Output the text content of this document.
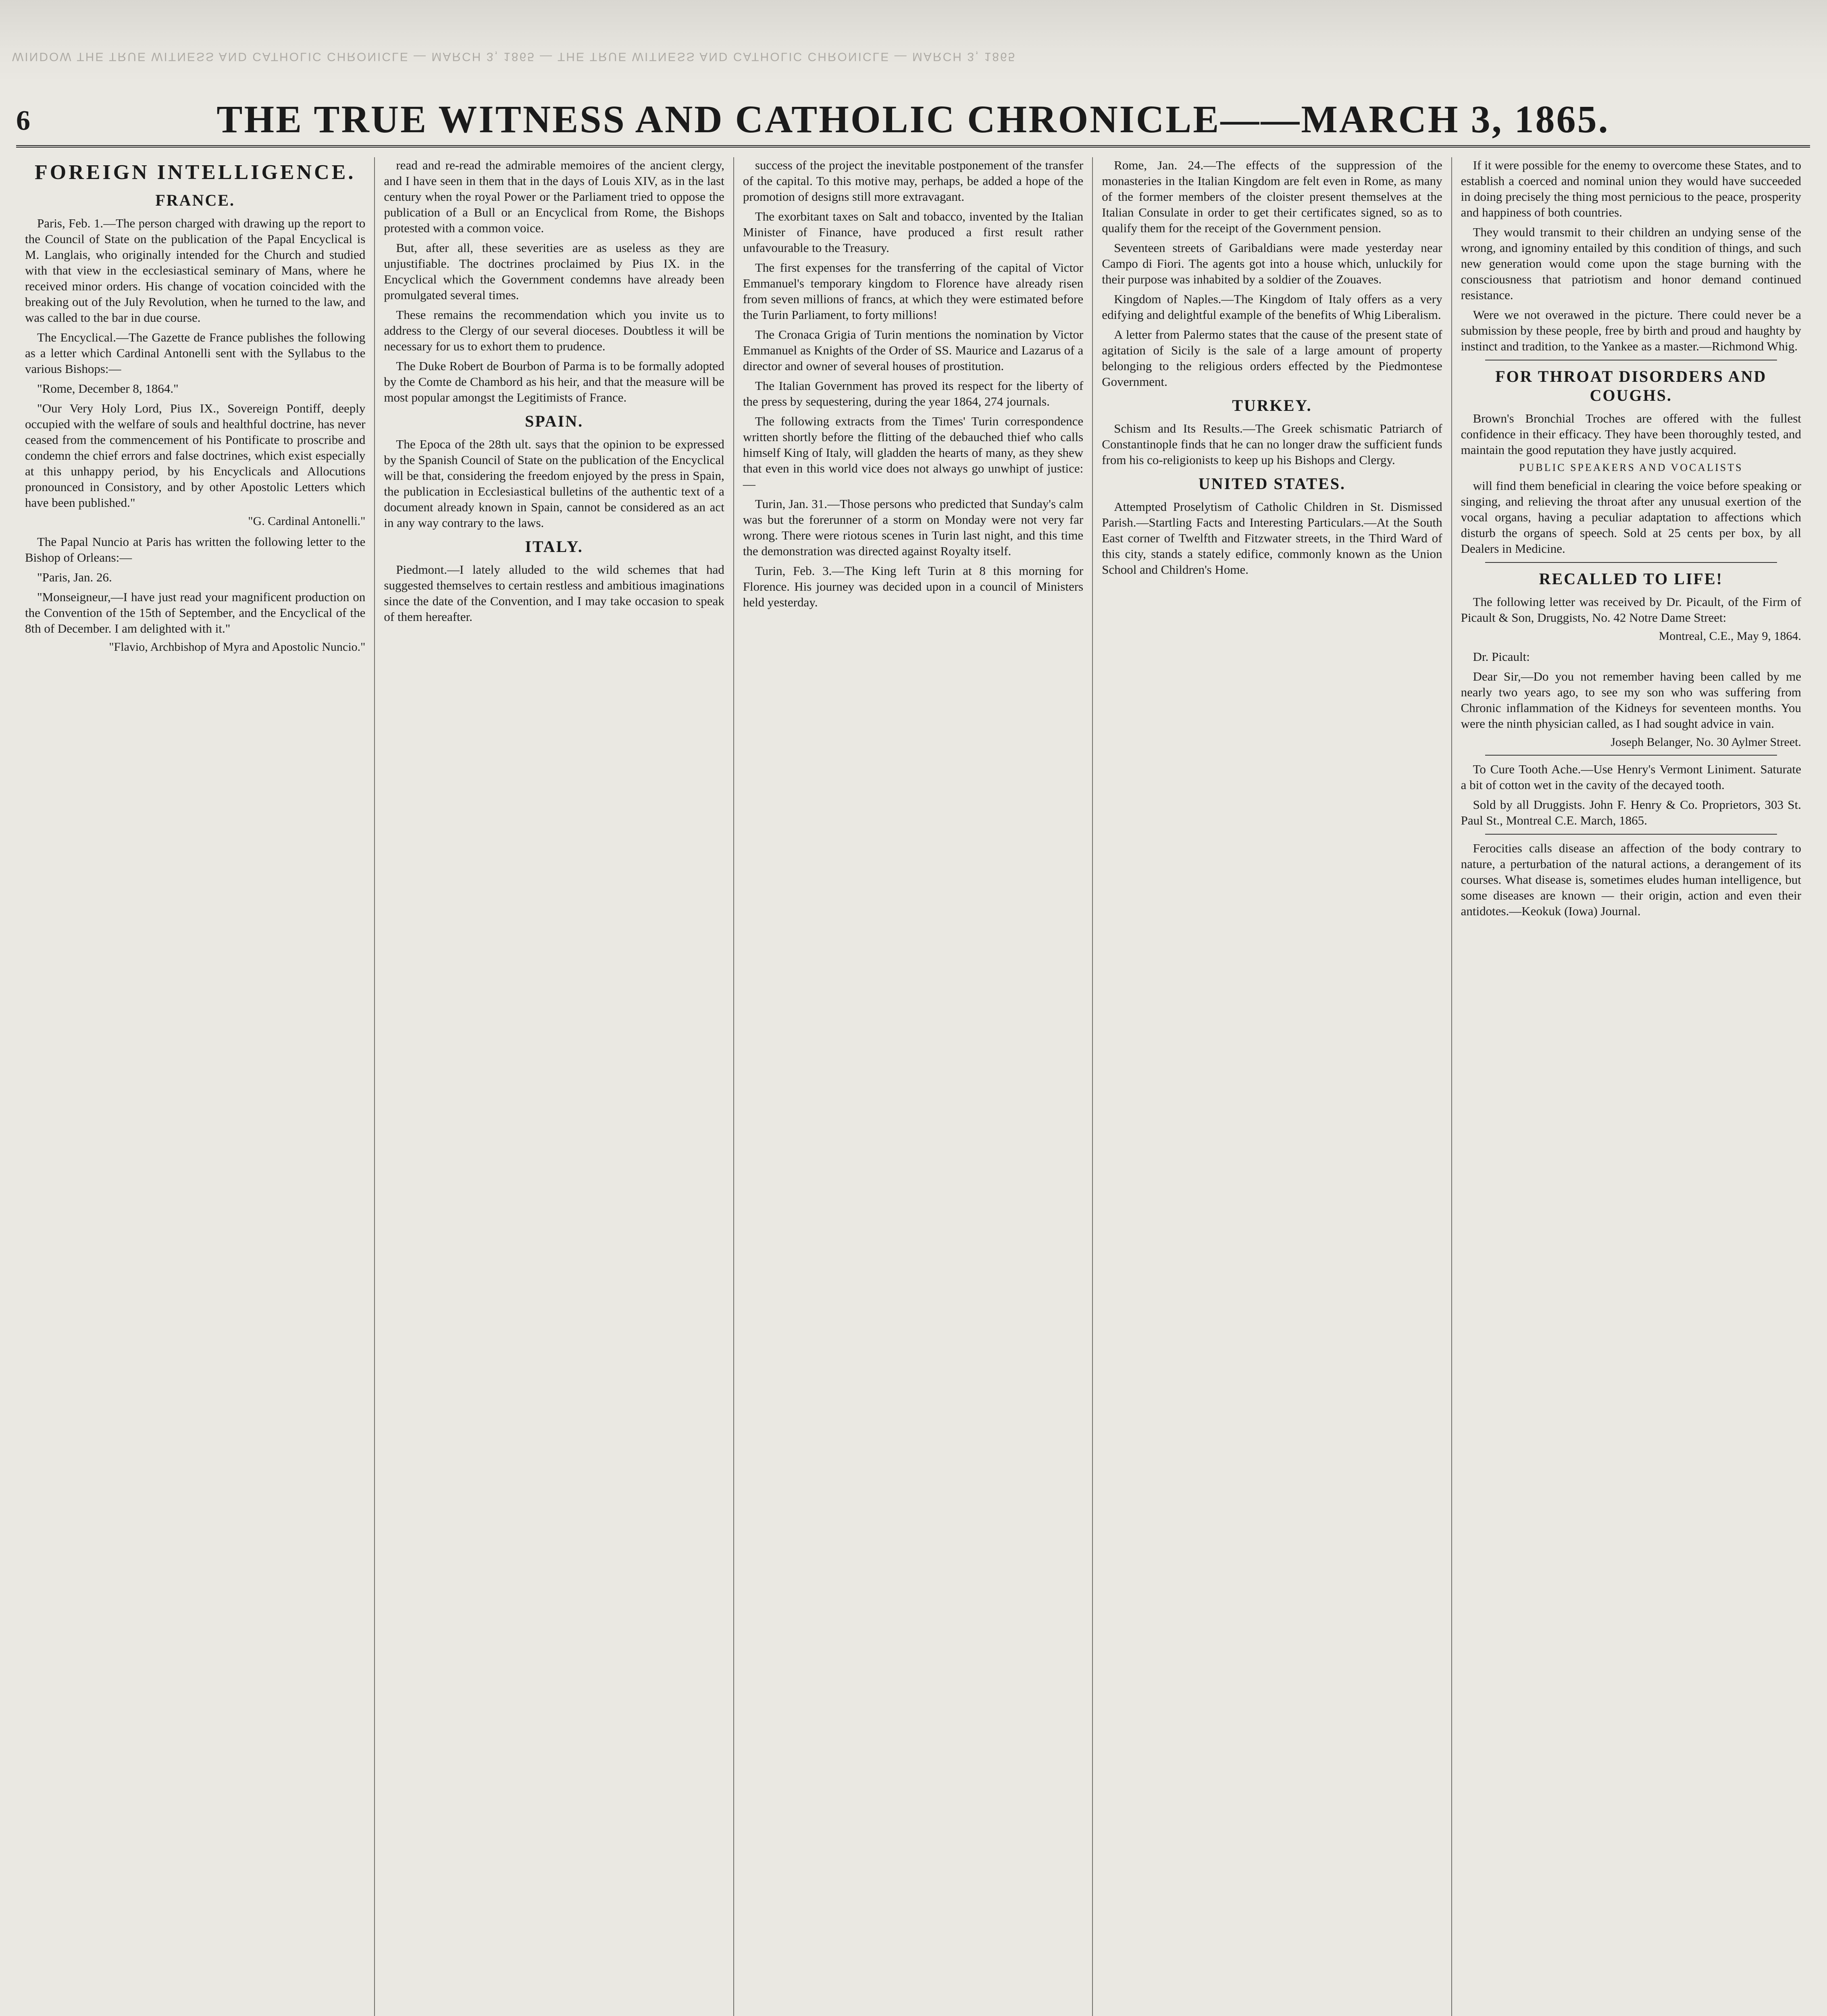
WINDOW THE TRUE WITNESS AND CATHOLIC CHRONICLE — MARCH 3, 1865 — THE TRUE WITNESS AND CATHOLIC CHRONICLE — MARCH 3, 1865
6	THE TRUE WITNESS AND CATHOLIC CHRONICLE——MARCH 3, 1865.
FOREIGN INTELLIGENCE.
FRANCE.

Paris, Feb. 1.—The person charged with drawing up the report to the Council of State on the publication of the Papal Encyclical is M. Langlais, who originally intended for the Church and studied with that view in the ecclesiastical seminary of Mans, where he received minor orders. His change of vocation coincided with the breaking out of the July Revolution, when he turned to the law, and was called to the bar in due course.

The Encyclical.—The Gazette de France publishes the following as a letter which Cardinal Antonelli sent with the Syllabus to the various Bishops:—

"Rome, December 8, 1864."

"Our Very Holy Lord, Pius IX., Sovereign Pontiff, deeply occupied with the welfare of souls and healthful doctrine, has never ceased from the commencement of his Pontificate to proscribe and condemn the chief errors and false doctrines, which exist especially at this unhappy period, by his Encyclicals and Allocutions pronounced in Consistory, and by other Apostolic Letters which have been published."

"G. Cardinal Antonelli."

The Papal Nuncio at Paris has written the following letter to the Bishop of Orleans:—

"Paris, Jan. 26.

"Monseigneur,—I have just read your magnificent production on the Convention of the 15th of September, and the Encyclical of the 8th of December. I am delighted with it."

"Flavio, Archbishop of Myra and Apostolic Nuncio."

read and re-read the admirable memoires of the ancient clergy, and I have seen in them that in the days of Louis XIV, as in the last century when the royal Power or the Parliament tried to oppose the publication of a Bull or an Encyclical from Rome, the Bishops protested with a common voice.

But, after all, these severities are as useless as they are unjustifiable. The doctrines proclaimed by Pius IX. in the Encyclical which the Government condemns have already been promulgated several times.

These remains the recommendation which you invite us to address to the Clergy of our several dioceses. Doubtless it will be necessary for us to exhort them to prudence.

The Duke Robert de Bourbon of Parma is to be formally adopted by the Comte de Chambord as his heir, and that the measure will be most popular amongst the Legitimists of France.

SPAIN.

The Epoca of the 28th ult. says that the opinion to be expressed by the Spanish Council of State on the publication of the Encyclical will be that, considering the freedom enjoyed by the press in Spain, the publication in Ecclesiastical bulletins of the authentic text of a document already known in Spain, cannot be considered as an act in any way contrary to the laws.

ITALY.

Piedmont.—I lately alluded to the wild schemes that had suggested themselves to certain restless and ambitious imaginations since the date of the Convention, and I may take occasion to speak of them hereafter.

success of the project the inevitable postponement of the transfer of the capital. To this motive may, perhaps, be added a hope of the promotion of designs still more extravagant.

The exorbitant taxes on Salt and tobacco, invented by the Italian Minister of Finance, have produced a first result rather unfavourable to the Treasury.

The first expenses for the transferring of the capital of Victor Emmanuel's temporary kingdom to Florence have already risen from seven millions of francs, at which they were estimated before the Turin Parliament, to forty millions!

The Cronaca Grigia of Turin mentions the nomination by Victor Emmanuel as Knights of the Order of SS. Maurice and Lazarus of a director and owner of several houses of prostitution.

The Italian Government has proved its respect for the liberty of the press by sequestering, during the year 1864, 274 journals.

The following extracts from the Times' Turin correspondence written shortly before the flitting of the debauched thief who calls himself King of Italy, will gladden the hearts of many, as they shew that even in this world vice does not always go unwhipt of justice:—

Turin, Jan. 31.—Those persons who predicted that Sunday's calm was but the forerunner of a storm on Monday were not very far wrong. There were riotous scenes in Turin last night, and this time the demonstration was directed against Royalty itself.

Turin, Feb. 3.—The King left Turin at 8 this morning for Florence. His journey was decided upon in a council of Ministers held yesterday.

Rome, Jan. 24.—The effects of the suppression of the monasteries in the Italian Kingdom are felt even in Rome, as many of the former members of the cloister present themselves at the Italian Consulate in order to get their certificates signed, so as to qualify them for the receipt of the Government pension.

Seventeen streets of Garibaldians were made yesterday near Campo di Fiori. The agents got into a house which, unluckily for their purpose was inhabited by a soldier of the Zouaves.

Kingdom of Naples.—The Kingdom of Italy offers as a very edifying and delightful example of the benefits of Whig Liberalism.

A letter from Palermo states that the cause of the present state of agitation of Sicily is the sale of a large amount of property belonging to the religious orders effected by the Piedmontese Government.

TURKEY.

Schism and Its Results.—The Greek schismatic Patriarch of Constantinople finds that he can no longer draw the sufficient funds from his co-religionists to keep up his Bishops and Clergy.

UNITED STATES.

Attempted Proselytism of Catholic Children in St. Dismissed Parish.—Startling Facts and Interesting Particulars.—At the South East corner of Twelfth and Fitzwater streets, in the Third Ward of this city, stands a stately edifice, commonly known as the Union School and Children's Home.

If it were possible for the enemy to overcome these States, and to establish a coerced and nominal union they would have succeeded in doing precisely the thing most pernicious to the peace, prosperity and happiness of both countries.

They would transmit to their children an undying sense of the wrong, and ignominy entailed by this condition of things, and such new generation would come upon the stage burning with the consciousness that patriotism and honor demand continued resistance.

Were we not overawed in the picture. There could never be a submission by these people, free by birth and proud and haughty by instinct and tradition, to the Yankee as a master.—Richmond Whig.

FOR THROAT DISORDERS AND COUGHS.

Brown's Bronchial Troches are offered with the fullest confidence in their efficacy. They have been thoroughly tested, and maintain the good reputation they have justly acquired.

PUBLIC SPEAKERS AND VOCALISTS

will find them beneficial in clearing the voice before speaking or singing, and relieving the throat after any unusual exertion of the vocal organs, having a peculiar adaptation to affections which disturb the organs of speech. Sold at 25 cents per box, by all Dealers in Medicine.

RECALLED TO LIFE!

The following letter was received by Dr. Picault, of the Firm of Picault & Son, Druggists, No. 42 Notre Dame Street:

Montreal, C.E., May 9, 1864.

Dr. Picault:

Dear Sir,—Do you not remember having been called by me nearly two years ago, to see my son who was suffering from Chronic inflammation of the Kidneys for seventeen months. You were the ninth physician called, as I had sought advice in vain.

Joseph Belanger, No. 30 Aylmer Street.

To Cure Tooth Ache.—Use Henry's Vermont Liniment. Saturate a bit of cotton wet in the cavity of the decayed tooth.

Sold by all Druggists. John F. Henry & Co. Proprietors, 303 St. Paul St., Montreal C.E. March, 1865.

Ferocities calls disease an affection of the body contrary to nature, a perturbation of the natural actions, a derangement of its courses. What disease is, sometimes eludes human intelligence, but some diseases are known — their origin, action and even their antidotes.—Keokuk (Iowa) Journal.
